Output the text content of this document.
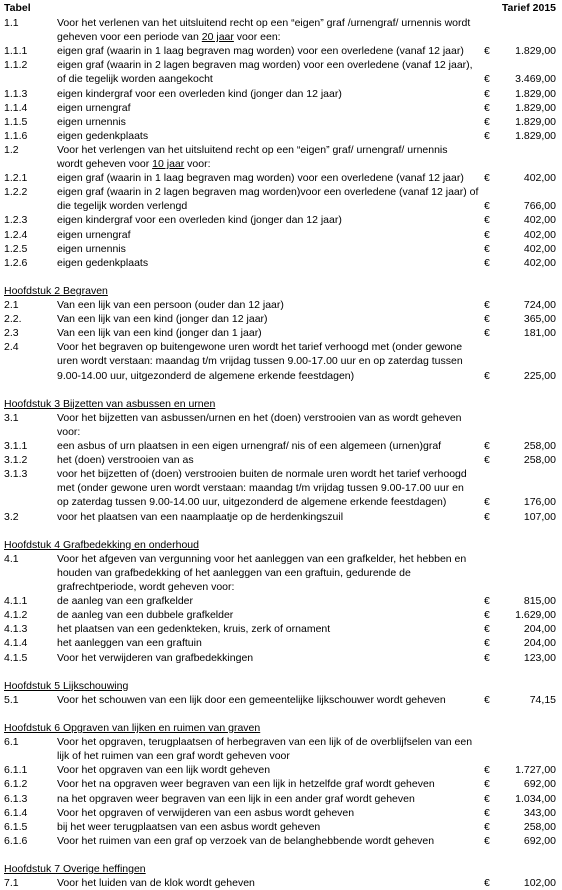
Tabel	Tarief 2015
1.1	Voor het verlenen van het uitsluitend recht op een “eigen” graf /urnengraf/ urnennis wordt
geheven voor een periode van 20 jaar voor een:
1.1.1	eigen graf (waarin in 1 laag begraven mag worden) voor een overledene (vanaf 12 jaar) € 1.829,00
1.1.2	eigen graf (waarin in 2 lagen begraven mag worden) voor een overledene (vanaf 12 jaar),
of die tegelijk worden aangekocht	€ 3.469,00
1.1.3	eigen kindergraf voor een overleden kind (jonger dan 12 jaar)	€ 1.829,00
1.1.4	eigen urnengraf	€ 1.829,00
1.1.5	eigen urnennis	€ 1.829,00
1.1.6	eigen gedenkplaats	€ 1.829,00
1.2	Voor het verlengen van het uitsluitend recht op een “eigen” graf/ urnengraf/ urnennis
wordt geheven voor 10 jaar voor:
1.2.1	eigen graf (waarin in 1 laag begraven mag worden) voor een overledene (vanaf 12 jaar) €	402,00
1.2.2	eigen graf (waarin in 2 lagen begraven mag worden)voor een overledene (vanaf 12 jaar) of
die tegelijk worden verlengd	€	766,00
1.2.3	eigen kindergraf voor een overleden kind (jonger dan 12 jaar)	€	402,00
1.2.4	eigen urnengraf	€	402,00
1.2.5	eigen urnennis	€	402,00
1.2.6	eigen gedenkplaats	€	402,00
Hoofdstuk 2 Begraven
2.1	Van een lijk van een persoon (ouder dan 12 jaar)	€	724,00
2.2.	Van een lijk van een kind (jonger dan 12 jaar)	€	365,00
2.3	Van een lijk van een kind (jonger dan 1 jaar)	€	181,00
2.4	Voor het begraven op buitengewone uren wordt het tarief verhoogd met (onder gewone
uren wordt verstaan: maandag t/m vrijdag tussen 9.00-17.00 uur en op zaterdag tussen
9.00-14.00 uur, uitgezonderd de algemene erkende feestdagen)	€	225,00
Hoofdstuk 3 Bijzetten van asbussen en urnen
3.1	Voor het bijzetten van asbussen/urnen en het (doen) verstrooien van as wordt geheven
voor:
3.1.1	een asbus of urn plaatsen in een eigen urnengraf/ nis of een algemeen (urnen)graf	€	258,00
3.1.2	het (doen) verstrooien van as	€	258,00
3.1.3	voor het bijzetten of (doen) verstrooien buiten de normale uren wordt het tarief verhoogd
met (onder gewone uren wordt verstaan: maandag t/m vrijdag tussen 9.00-17.00 uur en
op zaterdag tussen 9.00-14.00 uur, uitgezonderd de algemene erkende feestdagen)	€	176,00
3.2	voor het plaatsen van een naamplaatje op de herdenkingszuil	€	107,00
Hoofdstuk 4 Grafbedekking en onderhoud
4.1	Voor het afgeven van vergunning voor het aanleggen van een grafkelder, het hebben en
houden van grafbedekking of het aanleggen van een graftuin, gedurende de
grafrechtperiode, wordt geheven voor:
4.1.1	de aanleg van een grafkelder	€	815,00
4.1.2	de aanleg van een dubbele grafkelder	€ 1.629,00
4.1.3	het plaatsen van een gedenkteken, kruis, zerk of ornament	€	204,00
4.1.4	het aanleggen van een graftuin	€	204,00
4.1.5	Voor het verwijderen van grafbedekkingen	€	123,00
Hoofdstuk 5 Lijkschouwing
5.1	Voor het schouwen van een lijk door een gemeentelijke lijkschouwer wordt geheven	€	74,15
Hoofdstuk 6 Opgraven van lijken en ruimen van graven
6.1	Voor het opgraven, terugplaatsen of herbegraven van een lijk of de overblijfselen van een
lijk of het ruimen van een graf wordt geheven voor
6.1.1	Voor het opgraven van een lijk wordt geheven	€ 1.727,00
6.1.2	Voor het na opgraven weer begraven van een lijk in hetzelfde graf wordt geheven	€	692,00
6.1.3	na het opgraven weer begraven van een lijk in een ander graf wordt geheven	€ 1.034,00
6.1.4	Voor het opgraven of verwijderen van een asbus wordt geheven	€	343,00
6.1.5	bij het weer terugplaatsen van een asbus wordt geheven	€	258,00
6.1.6	Voor het ruimen van een graf op verzoek van de belanghebbende wordt geheven	€	692,00
Hoofdstuk 7 Overige heffingen
7.1	Voor het luiden van de klok wordt geheven	€	102,00
